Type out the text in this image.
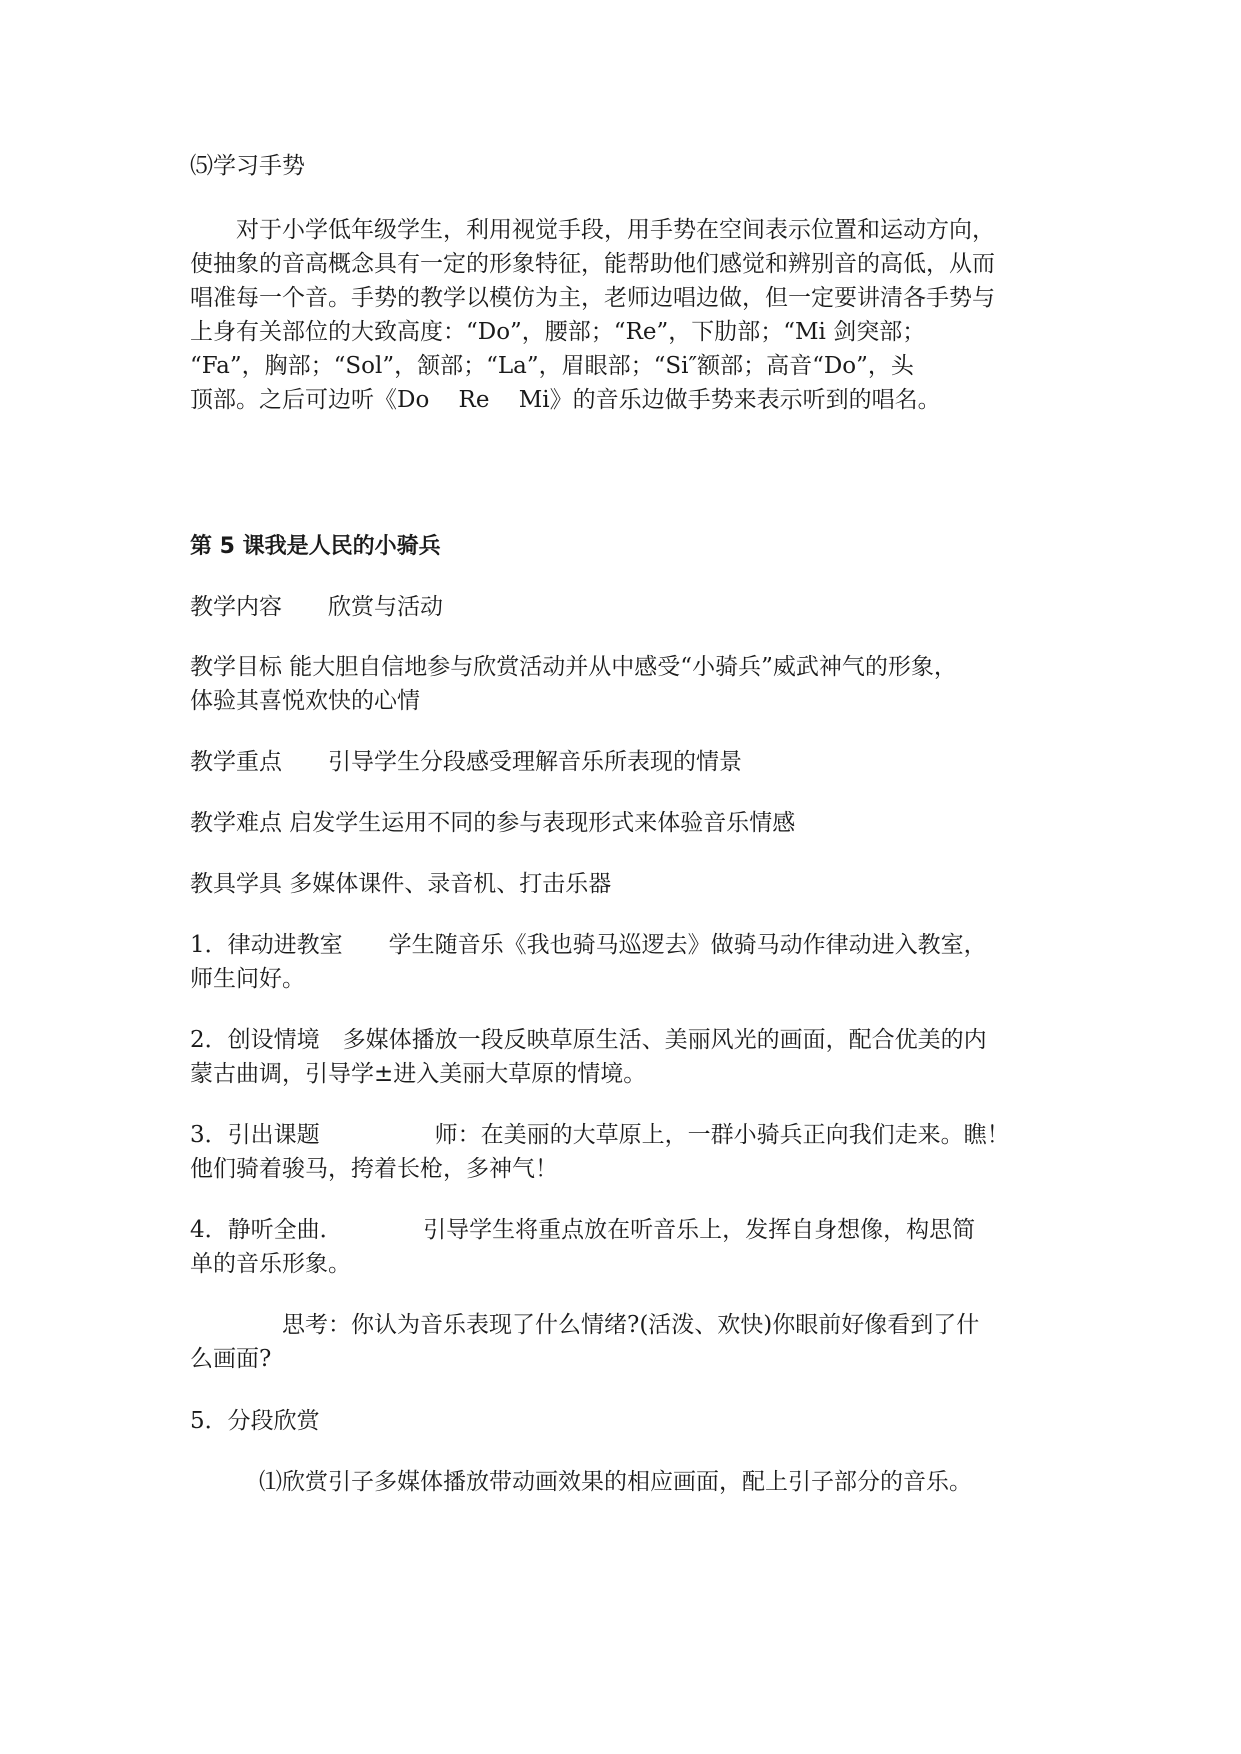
⑸学习手势

　　对于小学低年级学生，利用视觉手段，用手势在空间表示位置和运动方向，
使抽象的音高概念具有一定的形象特征，能帮助他们感觉和辨别音的高低，从而
唱准每一个音。手势的教学以模仿为主，老师边唱边做，但一定要讲清各手势与
上身有关部位的大致高度：“Do”，腰部；“Re”，下肋部；“Mi 剑突部；
“Fa”，胸部；“Sol”，颔部；“La”，眉眼部；“Si″额部；高音“Do”，头
顶部。之后可边听《Do    Re    Mi》的音乐边做手势来表示听到的唱名。

第 5 课我是人民的小骑兵

教学内容　　欣赏与活动

教学目标 能大胆自信地参与欣赏活动并从中感受“小骑兵”威武神气的形象，
体验其喜悦欢快的心情

教学重点　　引导学生分段感受理解音乐所表现的情景

教学难点 启发学生运用不同的参与表现形式来体验音乐情感

教具学具 多媒体课件、录音机、打击乐器

1．律动进教室　　学生随音乐《我也骑马巡逻去》做骑马动作律动进入教室，
师生问好。
2．创设情境　多媒体播放一段反映草原生活、美丽风光的画面，配合优美的内
蒙古曲调，引导学±进入美丽大草原的情境。
3．引出课题　　　　　师：在美丽的大草原上，一群小骑兵正向我们走来。瞧！
他们骑着骏马，挎着长枪，多神气！
4．静听全曲．　　　　引导学生将重点放在听音乐上，发挥自身想像，构思简
单的音乐形象。
　　　　思考：你认为音乐表现了什么情绪?(活泼、欢快)你眼前好像看到了什
么画面?

5．分段欣赏

　　　⑴欣赏引子多媒体播放带动画效果的相应画面，配上引子部分的音乐。
